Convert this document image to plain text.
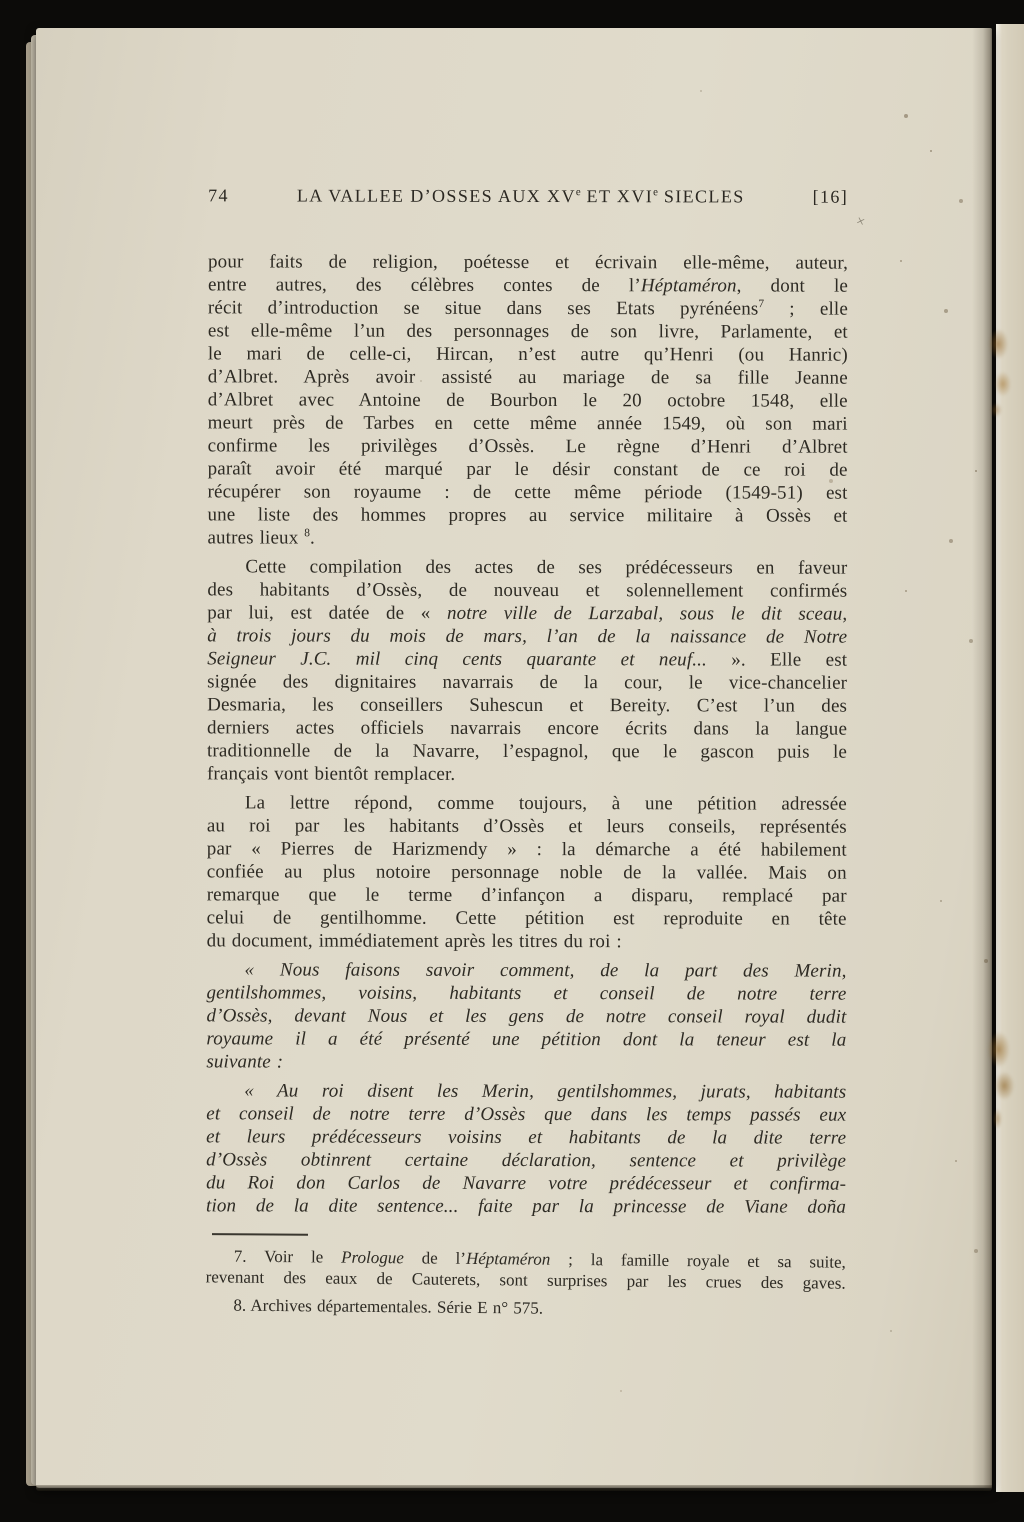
74	LA VALLEE D’OSSES AUX XVe ET XVIe SIECLES	[16]
pour faits de religion, poétesse et écrivain elle-même, auteur,
entre autres, des célèbres contes de l’Héptaméron, dont le
récit d’introduction se situe dans ses Etats pyrénéens$^7$ ; elle
est elle-même l’un des personnages de son livre, Parlamente, et
le mari de celle-ci, Hircan, n’est autre qu’Henri (ou Hanric)
d’Albret. Après avoir assisté au mariage de sa fille Jeanne
d’Albret avec Antoine de Bourbon le 20 octobre 1548, elle
meurt près de Tarbes en cette même année 1549, où son mari
confirme les privilèges d’Ossès. Le règne d’Henri d’Albret
paraît avoir été marqué par le désir constant de ce roi de
récupérer son royaume : de cette même période (1549-51) est
une liste des hommes propres au service militaire à Ossès et
autres lieux $^8$.
Cette compilation des actes de ses prédécesseurs en faveur
des habitants d’Ossès, de nouveau et solennellement confirmés
par lui, est datée de « notre ville de Larzabal, sous le dit sceau,
à trois jours du mois de mars, l’an de la naissance de Notre
Seigneur J.C. mil cinq cents quarante et neuf... ». Elle est
signée des dignitaires navarrais de la cour, le vice-chancelier
Desmaria, les conseillers Suhescun et Bereity. C’est l’un des
derniers actes officiels navarrais encore écrits dans la langue
traditionnelle de la Navarre, l’espagnol, que le gascon puis le
français vont bientôt remplacer.
La lettre répond, comme toujours, à une pétition adressée
au roi par les habitants d’Ossès et leurs conseils, représentés
par « Pierres de Harizmendy » : la démarche a été habilement
confiée au plus notoire personnage noble de la vallée. Mais on
remarque que le terme d’infançon a disparu, remplacé par
celui de gentilhomme. Cette pétition est reproduite en tête
du document, immédiatement après les titres du roi :
« Nous faisons savoir comment, de la part des Merin,
gentilshommes, voisins, habitants et conseil de notre terre
d’Ossès, devant Nous et les gens de notre conseil royal dudit
royaume il a été présenté une pétition dont la teneur est la
suivante :
« Au roi disent les Merin, gentilshommes, jurats, habitants
et conseil de notre terre d’Ossès que dans les temps passés eux
et leurs prédécesseurs voisins et habitants de la dite terre
d’Ossès obtinrent certaine déclaration, sentence et privilège
du Roi don Carlos de Navarre votre prédécesseur et confirma-
tion de la dite sentence... faite par la princesse de Viane doña
7. Voir le Prologue de l’Héptaméron ; la famille royale et sa suite,
revenant des eaux de Cauterets, sont surprises par les crues des gaves.
8. Archives départementales. Série E n° 575.
×
